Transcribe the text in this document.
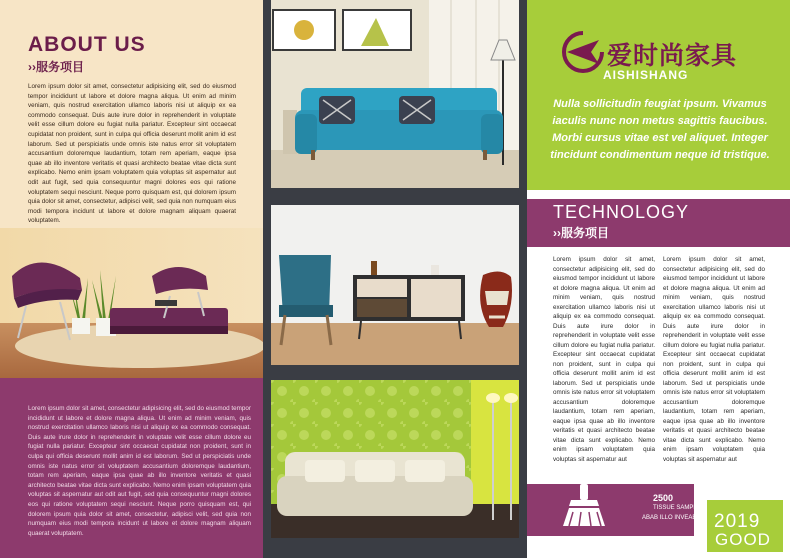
ABOUT US
››服务项目
Lorem ipsum dolor sit amet, consectetur adipisicing elit, sed do eiusmod tempor incididunt ut labore et dolore magna aliqua. Ut enim ad minim veniam, quis nostrud exercitation ullamco laboris nisi ut aliquip ex ea commodo consequat. Duis aute irure dolor in reprehenderit in voluptate velit esse cillum dolore eu fugiat nulla pariatur. Excepteur sint occaecat cupidatat non proident, sunt in culpa qui officia deserunt mollit anim id est laborum. Sed ut perspiciatis unde omnis iste natus error sit voluptatem accusantium doloremque laudantium, totam rem aperiam, eaque ipsa quae ab illo inventore veritatis et quasi architecto beatae vitae dicta sunt explicabo. Nemo enim ipsam voluptatem quia voluptas sit aspernatur aut odit aut fugit, sed quia consequuntur magni dolores eos qui ratione voluptatem sequi nesciunt. Neque porro quisquam est, qui dolorem ipsum quia dolor sit amet, consectetur, adipisci velit, sed quia non numquam eius modi tempora incidunt ut labore et dolore magnam aliquam quaerat voluptatem.
Lorem ipsum dolor sit amet, consectetur adipisicing elit, sed do eiusmod tempor incididunt ut labore et dolore magna aliqua. Ut enim ad minim veniam, quis nostrud exercitation ullamco laboris nisi ut aliquip ex ea commodo consequat. Duis aute irure dolor in reprehenderit in voluptate velit esse cillum dolore eu fugiat nulla pariatur. Excepteur sint occaecat cupidatat non proident, sunt in culpa qui officia deserunt mollit anim id est laborum. Sed ut perspiciatis unde omnis iste natus error sit voluptatem accusantium doloremque laudantium, totam rem aperiam, eaque ipsa quae ab illo inventore veritatis et quasi architecto beatae vitae dicta sunt explicabo. Nemo enim ipsam voluptatem quia voluptas sit aspernatur aut odit aut fugit, sed quia consequuntur magni dolores eos qui ratione voluptatem sequi nesciunt. Neque porro quisquam est, qui dolorem ipsum quia dolor sit amet, consectetur, adipisci velit, sed quia non numquam eius modi tempora incidunt ut labore et dolore magnam aliquam quaerat voluptatem.
爱时尚家具
AISHISHANG
Nulla sollicitudin feugiat ipsum. Vivamus iaculis nunc non metus sagittis faucibus. Morbi cursus vitae est vel aliquet. Integer tincidunt condimentum neque id tristique.
TECHNOLOGY
››服务项目
Lorem ipsum dolor sit amet, consectetur adipisicing elit, sed do eiusmod tempor incididunt ut labore et dolore magna aliqua. Ut enim ad minim veniam, quis nostrud exercitation ullamco laboris nisi ut aliquip ex ea commodo consequat. Duis aute irure dolor in reprehenderit in voluptate velit esse cillum dolore eu fugiat nulla pariatur. Excepteur sint occaecat cupidatat non proident, sunt in culpa qui officia deserunt mollit anim id est laborum. Sed ut perspiciatis unde omnis iste natus error sit voluptatem accusantium doloremque laudantium, totam rem aperiam, eaque ipsa quae ab illo inventore veritatis et quasi architecto beatae vitae dicta sunt explicabo. Nemo enim ipsam voluptatem quia voluptas sit aspernatur aut
Lorem ipsum dolor sit amet, consectetur adipisicing elit, sed do eiusmod tempor incididunt ut labore et dolore magna aliqua. Ut enim ad minim veniam, quis nostrud exercitation ullamco laboris nisi ut aliquip ex ea commodo consequat. Duis aute irure dolor in reprehenderit in voluptate velit esse cillum dolore eu fugiat nulla pariatur. Excepteur sint occaecat cupidatat non proident, sunt in culpa qui officia deserunt mollit anim id est laborum. Sed ut perspiciatis unde omnis iste natus error sit voluptatem accusantium doloremque laudantium, totam rem aperiam, eaque ipsa quae ab illo inventore veritatis et quasi architecto beatae vitae dicta sunt explicabo. Nemo enim ipsam voluptatem quia voluptas sit aspernatur aut
2500
TISSUE SAMPLES
ABAB ILLO INVEAB 2019
GOOD
